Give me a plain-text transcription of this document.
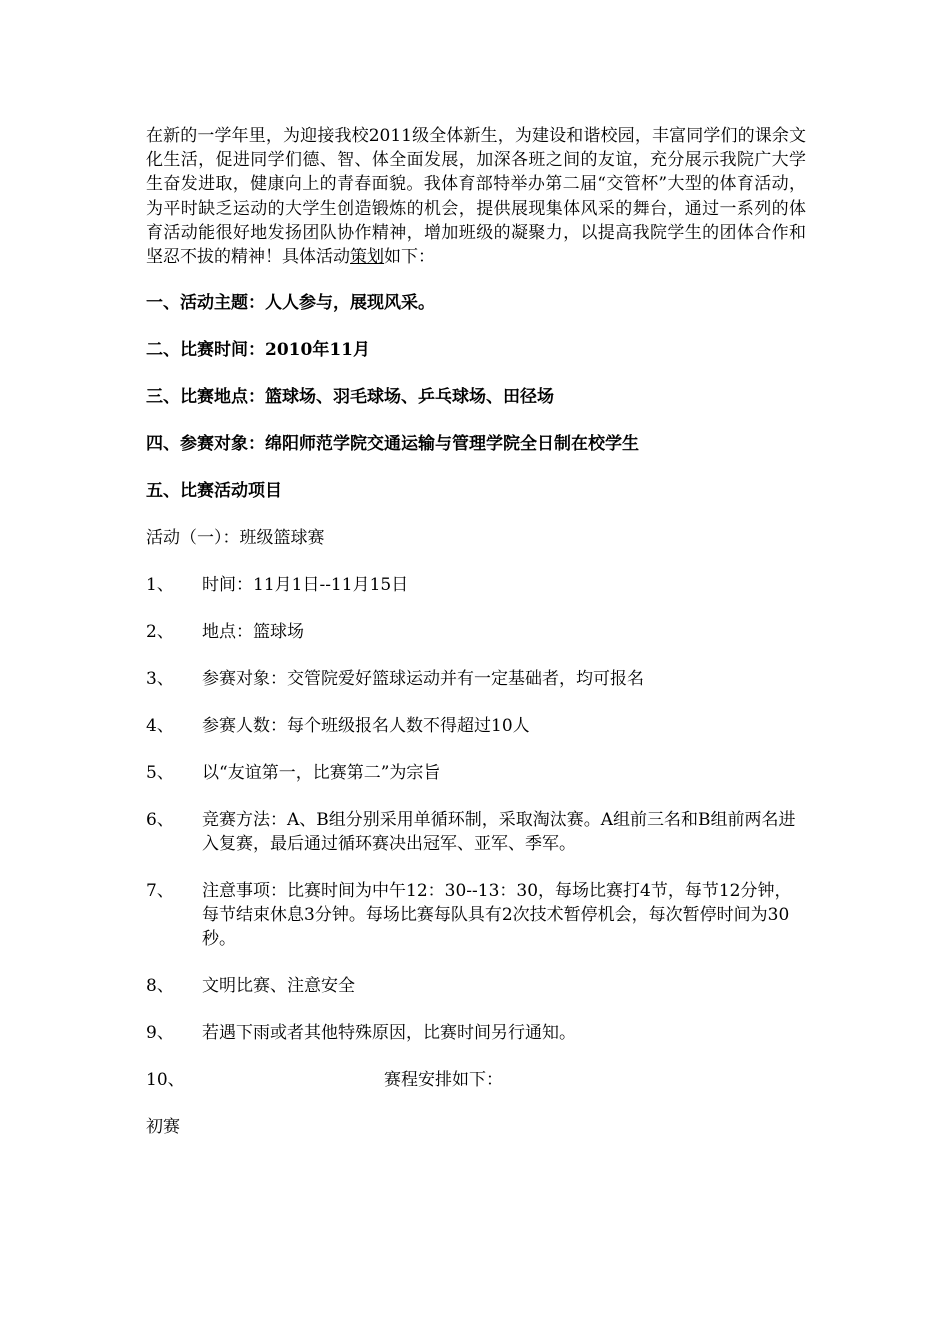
在新的一学年里，为迎接我校2011级全体新生，为建设和谐校园，丰富同学们的课余文化生活，促进同学们德、智、体全面发展，加深各班之间的友谊，充分展示我院广大学生奋发进取，健康向上的青春面貌。我体育部特举办第二届“交管杯”大型的体育活动，为平时缺乏运动的大学生创造锻炼的机会，提供展现集体风采的舞台，通过一系列的体育活动能很好地发扬团队协作精神，增加班级的凝聚力，以提高我院学生的团体合作和坚忍不拔的精神！具体活动策划如下：

一、活动主题：人人参与，展现风采。
二、比赛时间：2010年11月
三、比赛地点：篮球场、羽毛球场、乒乓球场、田径场
四、参赛对象：绵阳师范学院交通运输与管理学院全日制在校学生
五、比赛活动项目
活动（一）：班级篮球赛
1、	时间：11月1日--11月15日
2、	地点：篮球场
3、	参赛对象：交管院爱好篮球运动并有一定基础者，均可报名
4、	参赛人数：每个班级报名人数不得超过10人
5、	以“友谊第一，比赛第二”为宗旨
6、	竞赛方法：A、B组分别采用单循环制，采取淘汰赛。A组前三名和B组前两名进入复赛，最后通过循环赛决出冠军、亚军、季军。
7、	注意事项：比赛时间为中午12：30--13：30，每场比赛打4节，每节12分钟，每节结束休息3分钟。每场比赛每队具有2次技术暂停机会，每次暂停时间为30秒。
8、	文明比赛、注意安全
9、	若遇下雨或者其他特殊原因，比赛时间另行通知。
10、	赛程安排如下：
初赛
